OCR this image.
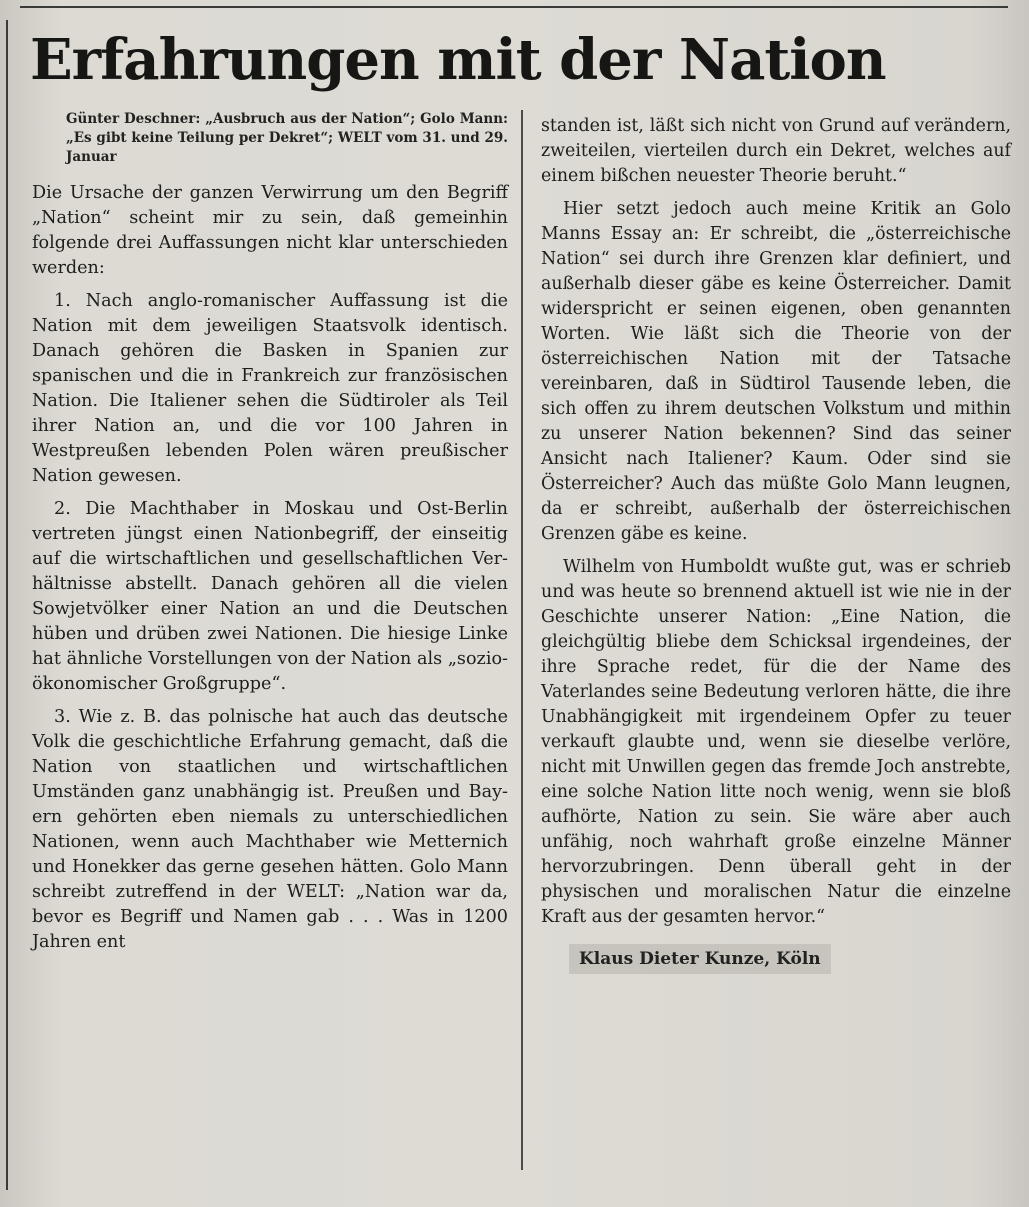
Erfahrungen mit der Nation

Günter Deschner: „Ausbruch aus der Nation“; Golo Mann: „Es gibt keine Teilung per Dekret“; WELT vom 31. und 29. Januar

Die Ursache der ganzen Verwirrung um den Begriff „Nation“ scheint mir zu sein, daß gemeinhin folgende drei Auffassungen nicht klar unterschieden werden:

1. Nach anglo-romanischer Auffassung ist die Nation mit dem jeweiligen Staatsvolk identisch. Danach gehören die Basken in Spanien zur spanischen und die in Frankreich zur französischen Nation. Die Italiener sehen die Südtiroler als Teil ihrer Nation an, und die vor 100 Jahren in Westpreußen lebenden Polen wären preußischer Nation gewesen.

2. Die Machthaber in Moskau und Ost-Berlin vertreten jüngst einen Nationbegriff, der einseitig auf die wirtschaftlichen und gesellschaftlichen Verhältnisse abstellt. Danach gehören all die vielen Sowjetvölker einer Nation an und die Deutschen hüben und drüben zwei Nationen. Die hiesige Linke hat ähnliche Vorstellungen von der Nation als „sozio-ökonomischer Großgruppe“.

3. Wie z. B. das polnische hat auch das deutsche Volk die geschichtliche Erfahrung gemacht, daß die Nation von staatlichen und wirtschaftlichen Umständen ganz unabhängig ist. Preußen und Bayern gehörten eben niemals zu unterschiedlichen Nationen, wenn auch Machthaber wie Metternich und Honekker das gerne gesehen hätten. Golo Mann schreibt zutreffend in der WELT: „Nation war da, bevor es Begriff und Namen gab . . . Was in 1200 Jahren ent

standen ist, läßt sich nicht von Grund auf verändern, zweiteilen, vierteilen durch ein Dekret, welches auf einem bißchen neuester Theorie beruht.“

Hier setzt jedoch auch meine Kritik an Golo Manns Essay an: Er schreibt, die „österreichische Nation“ sei durch ihre Grenzen klar definiert, und außerhalb dieser gäbe es keine Österreicher. Damit widerspricht er seinen eigenen, oben genannten Worten. Wie läßt sich die Theorie von der österreichischen Nation mit der Tatsache vereinbaren, daß in Südtirol Tausende leben, die sich offen zu ihrem deutschen Volkstum und mithin zu unserer Nation bekennen? Sind das seiner Ansicht nach Italiener? Kaum. Oder sind sie Österreicher? Auch das müßte Golo Mann leugnen, da er schreibt, außerhalb der österreichischen Grenzen gäbe es keine.

Wilhelm von Humboldt wußte gut, was er schrieb und was heute so brennend aktuell ist wie nie in der Geschichte unserer Nation: „Eine Nation, die gleichgültig bliebe dem Schicksal irgendeines, der ihre Sprache redet, für die der Name des Vaterlandes seine Bedeutung verloren hätte, die ihre Unabhängigkeit mit irgendeinem Opfer zu teuer verkauft glaubte und, wenn sie dieselbe verlöre, nicht mit Unwillen gegen das fremde Joch anstrebte, eine solche Nation litte noch wenig, wenn sie bloß aufhörte, Nation zu sein. Sie wäre aber auch unfähig, noch wahrhaft große einzelne Männer hervorzubringen. Denn überall geht in der physischen und moralischen Natur die einzelne Kraft aus der gesamten hervor.“

Klaus Dieter Kunze, Köln
